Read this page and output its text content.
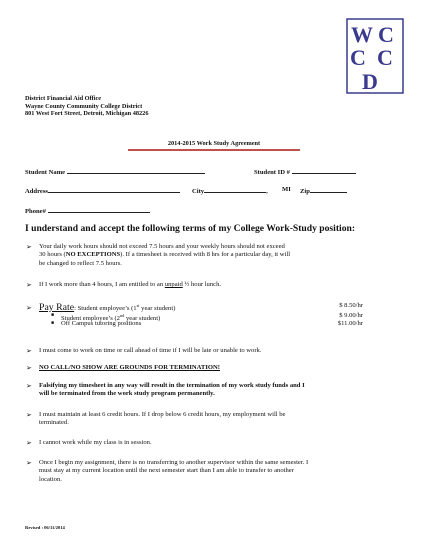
W C
C C
D
District Financial Aid Office
Wayne County Community College District
801 West Fort Street, Detroit, Michigan 48226
2014-2015 Work Study Agreement
Student Name	Student ID #
Address	City	, MI Zip
Phone#
I understand and accept the following terms of my College Work-Study position:
➢ Your daily work hours should not exceed 7.5 hours and your weekly hours should not exceed
30 hours (NO EXCEPTIONS). If a timesheet is received with 8 hrs for a particular day, it will
be changed to reflect 7.5 hours.
➢ If I work more than 4 hours, I am entitled to an unpaid ½ hour lunch.
➢ Pay Rate: Student employee’s (1st year student)	$ 8.50/hr
■ Student employee’s (2nd year student)	$ 9.00/hr
■ Off Campus tutoring positions	$11.00/hr
➢ I must come to work on time or call ahead of time if I will be late or unable to work.
➢ NO CALL/NO SHOW ARE GROUNDS FOR TERMINATION!
➢ Falsifying my timesheet in any way will result in the termination of my work study funds and I
will be terminated from the work study program permanently.
➢ I must maintain at least 6 credit hours. If I drop below 6 credit hours, my employment will be
terminated.
➢ I cannot work while my class is in session.
➢ Once I begin my assignment, there is no transferring to another supervisor within the same semester. I
must stay at my current location until the next semester start than I am able to transfer to another
location.
Revised : 06/11/2014
